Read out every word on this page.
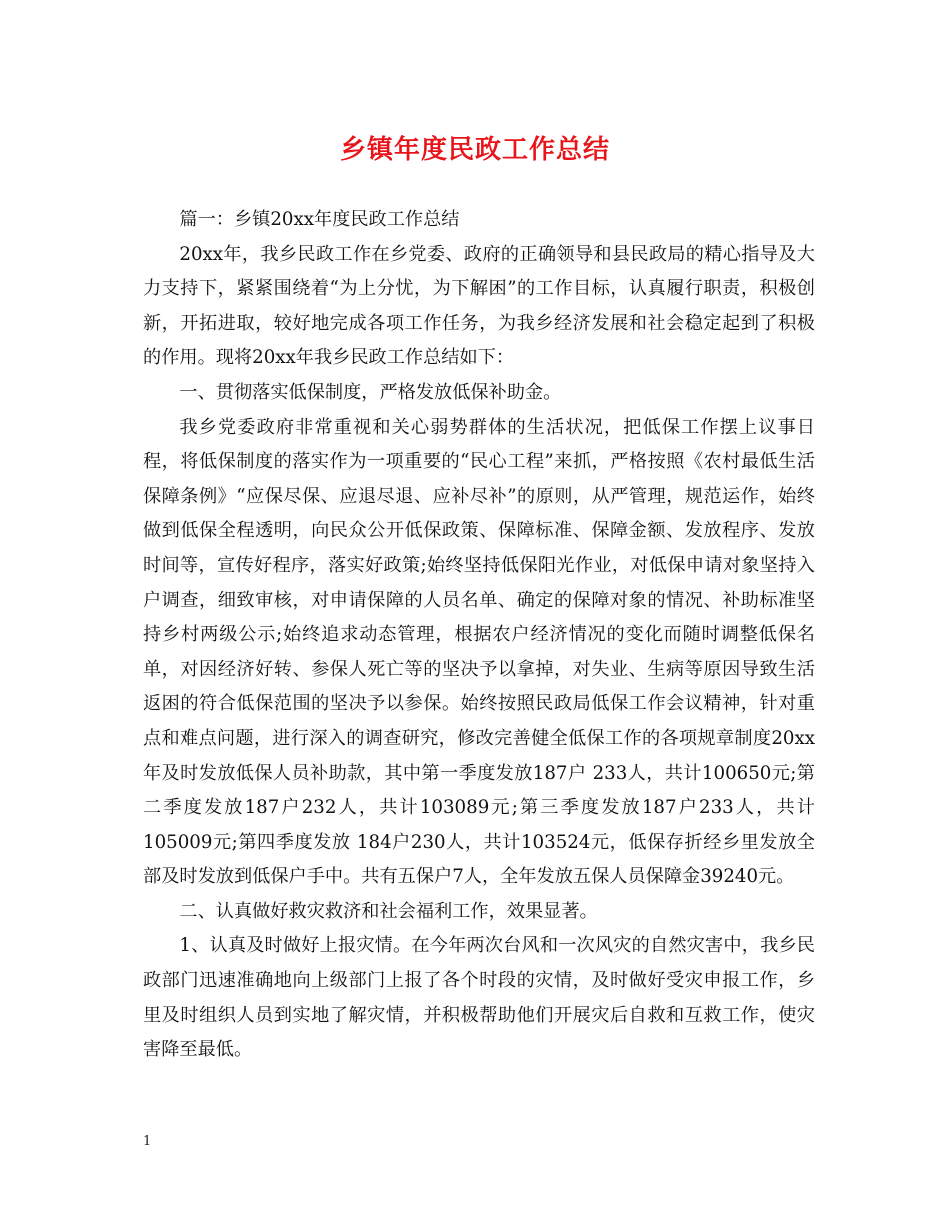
乡镇年度民政工作总结

篇一：乡镇20xx年度民政工作总结

20xx年，我乡民政工作在乡党委、政府的正确领导和县民政局的精心指导及大力支持下，紧紧围绕着“为上分忧，为下解困”的工作目标，认真履行职责，积极创新，开拓进取，较好地完成各项工作任务，为我乡经济发展和社会稳定起到了积极的作用。现将20xx年我乡民政工作总结如下：

一、贯彻落实低保制度，严格发放低保补助金。

我乡党委政府非常重视和关心弱势群体的生活状况，把低保工作摆上议事日程，将低保制度的落实作为一项重要的“民心工程”来抓，严格按照《农村最低生活保障条例》“应保尽保、应退尽退、应补尽补”的原则，从严管理，规范运作，始终做到低保全程透明，向民众公开低保政策、保障标准、保障金额、发放程序、发放时间等，宣传好程序，落实好政策;始终坚持低保阳光作业，对低保申请对象坚持入户调查，细致审核，对申请保障的人员名单、确定的保障对象的情况、补助标准坚持乡村两级公示;始终追求动态管理，根据农户经济情况的变化而随时调整低保名单，对因经济好转、参保人死亡等的坚决予以拿掉，对失业、生病等原因导致生活返困的符合低保范围的坚决予以参保。始终按照民政局低保工作会议精神，针对重点和难点问题，进行深入的调查研究，修改完善健全低保工作的各项规章制度20xx年及时发放低保人员补助款，其中第一季度发放187户 233人，共计100650元;第二季度发放187户232人，共计103089元;第三季度发放187户233人，共计105009元;第四季度发放 184户230人，共计103524元，低保存折经乡里发放全部及时发放到低保户手中。共有五保户7人，全年发放五保人员保障金39240元。

二、认真做好救灾救济和社会福利工作，效果显著。

1、认真及时做好上报灾情。在今年两次台风和一次风灾的自然灾害中，我乡民政部门迅速准确地向上级部门上报了各个时段的灾情，及时做好受灾申报工作，乡里及时组织人员到实地了解灾情，并积极帮助他们开展灾后自救和互救工作，使灾害降至最低。

1
